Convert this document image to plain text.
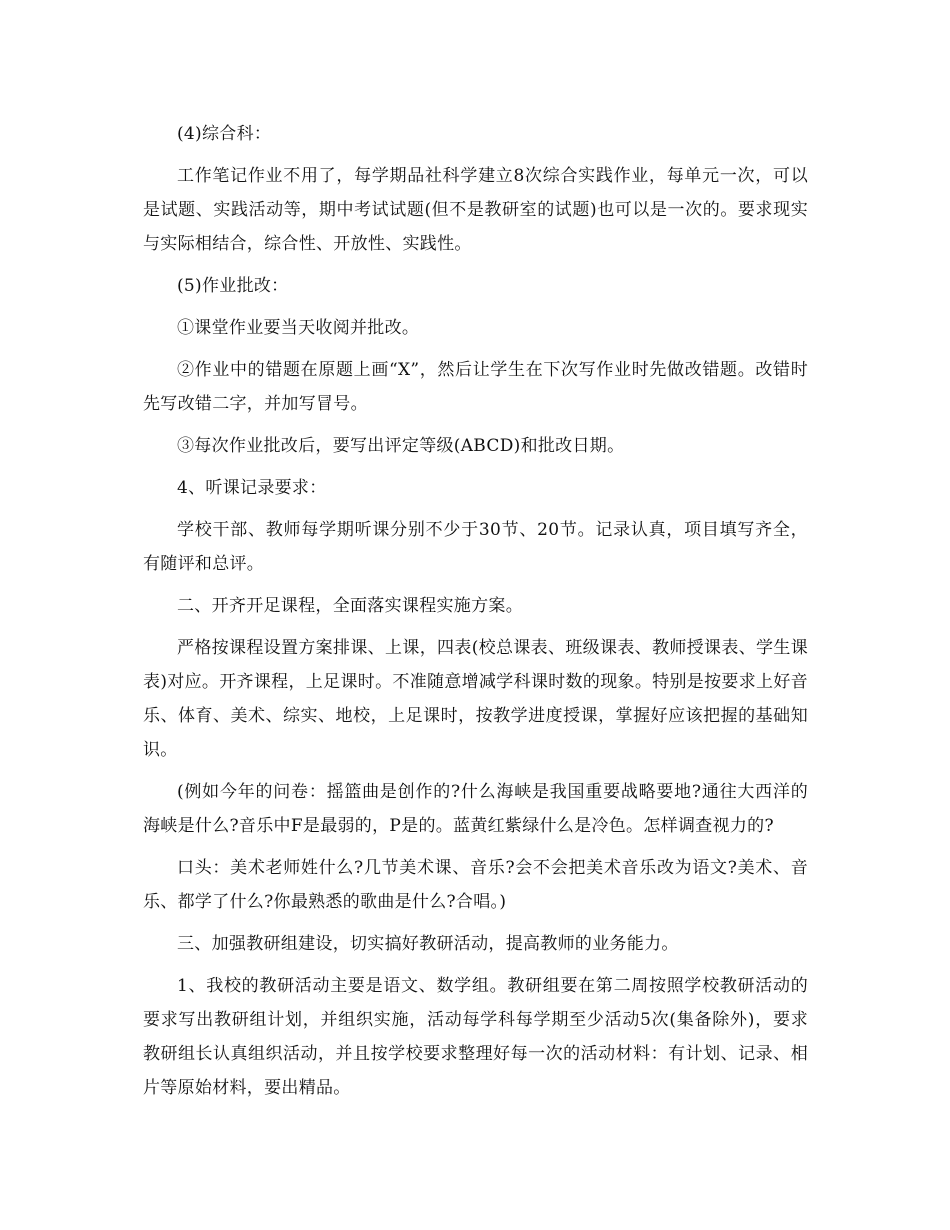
(4)综合科：

工作笔记作业不用了，每学期品社科学建立8次综合实践作业，每单元一次，可以是试题、实践活动等，期中考试试题(但不是教研室的试题)也可以是一次的。要求现实与实际相结合，综合性、开放性、实践性。

(5)作业批改：

①课堂作业要当天收阅并批改。

②作业中的错题在原题上画“X”，然后让学生在下次写作业时先做改错题。改错时先写改错二字，并加写冒号。

③每次作业批改后，要写出评定等级(ABCD)和批改日期。

4、听课记录要求：

学校干部、教师每学期听课分别不少于30节、20节。记录认真，项目填写齐全，有随评和总评。

二、开齐开足课程，全面落实课程实施方案。

严格按课程设置方案排课、上课，四表(校总课表、班级课表、教师授课表、学生课表)对应。开齐课程，上足课时。不准随意增减学科课时数的现象。特别是按要求上好音乐、体育、美术、综实、地校，上足课时，按教学进度授课，掌握好应该把握的基础知识。

(例如今年的问卷：摇篮曲是创作的?什么海峡是我国重要战略要地?通往大西洋的海峡是什么?音乐中F是最弱的，P是的。蓝黄红紫绿什么是冷色。怎样调查视力的?

口头：美术老师姓什么?几节美术课、音乐?会不会把美术音乐改为语文?美术、音乐、都学了什么?你最熟悉的歌曲是什么?合唱。)

三、加强教研组建设，切实搞好教研活动，提高教师的业务能力。

1、我校的教研活动主要是语文、数学组。教研组要在第二周按照学校教研活动的要求写出教研组计划，并组织实施，活动每学科每学期至少活动5次(集备除外)，要求教研组长认真组织活动，并且按学校要求整理好每一次的活动材料：有计划、记录、相片等原始材料，要出精品。
